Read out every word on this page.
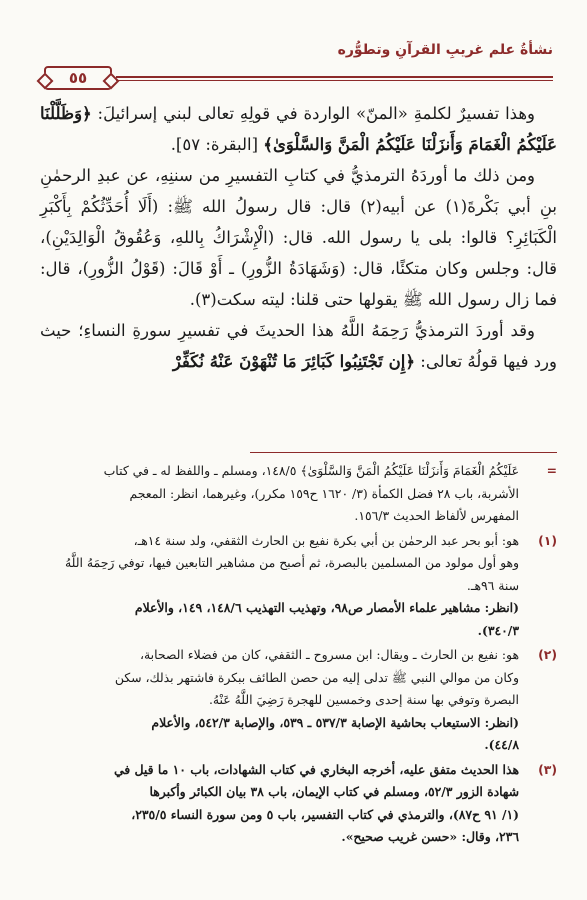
نشأةُ علم غريبِ القرآنِ وتطوُّره
٥٥

وهذا تفسيرٌ لكلمةِ «المنّ» الواردة في قولِهِ تعالى لبني إسرائيلَ: ﴿وَظَلَّلْنَا عَلَيْكُمُ الْغَمَامَ وَأَنزَلْنَا عَلَيْكُمُ الْمَنَّ وَالسَّلْوَىٰ﴾ [البقرة: ٥٧].

ومن ذلك ما أوردَهُ الترمذيُّ في كتابِ التفسيرِ من سننِهِ، عن عبدِ الرحمٰنِ بنِ أبي بَكْرةَ(١) عن أبيه(٢) قال: قال رسولُ الله ﷺ: (أَلَا أُحَدِّثُكُمْ بِأَكْبَرِ الْكَبَائِرِ؟ قالوا: بلى يا رسول الله. قال: (الْإِشْرَاكُ بِاللهِ، وَعُقُوقُ الْوَالِدَيْنِ)، قال: وجلس وكان متكئًا، قال: (وَشَهَادَةُ الزُّورِ) ـ أَوْ قَالَ: (قَوْلُ الزُّورِ)، قال: فما زال رسول الله ﷺ يقولها حتى قلنا: ليته سكت(٣).

وقد أوردَ الترمذيُّ رَحِمَهُ اللَّهُ هذا الحديثَ في تفسيرِ سورةِ النساءِ؛ حيث ورد فيها قولُهُ تعالى: ﴿إِن تَجْتَنِبُوا كَبَائِرَ مَا تُنْهَوْنَ عَنْهُ نُكَفِّرْ

=
عَلَيْكُمُ الْغَمَامَ وَأَنزَلْنَا عَلَيْكُمُ الْمَنَّ وَالسَّلْوَىٰ﴾ ١٤٨/٥، ومسلم ـ واللفظ له ـ في كتاب
الأشربة، باب ٢٨ فضل الكمأة (٣/ ١٦٢٠ ح١٥٩ مكرر)، وغيرهما، انظر: المعجم
المفهرس لألفاظ الحديث ١٥٦/٣.
(١)
هو: أبو بحر عبد الرحمٰن بن أبي بكرة نفيع بن الحارث الثقفي، ولد سنة ١٤هـ،
وهو أول مولود من المسلمين بالبصرة، ثم أصبح من مشاهير التابعين فيها، توفي رَحِمَهُ اللَّهُ
سنة ٩٦هـ.
(انظر: مشاهير علماء الأمصار ص٩٨، وتهذيب التهذيب ١٤٨/٦، ١٤٩، والأعلام
٣٤٠/٣).
(٢)
هو: نفيع بن الحارث ـ ويقال: ابن مسروح ـ الثقفي، كان من فضلاء الصحابة،
وكان من موالي النبي ﷺ تدلى إليه من حصن الطائف ببكرة فاشتهر بذلك، سكن
البصرة وتوفي بها سنة إحدى وخمسين للهجرة رَضِيَ اللَّهُ عَنْهُ.
(انظر: الاستيعاب بحاشية الإصابة ٥٣٧/٣ ـ ٥٣٩، والإصابة ٥٤٢/٣، والأعلام
٤٤/٨).
(٣)
هذا الحديث متفق عليه، أخرجه البخاري في كتاب الشهادات، باب ١٠ ما قيل في
شهادة الزور ٥٢/٣، ومسلم في كتاب الإيمان، باب ٣٨ بيان الكبائر وأكبرها
(١/ ٩١ ح٨٧)، والترمذي في كتاب التفسير، باب ٥ ومن سورة النساء ٢٣٥/٥،
٢٣٦، وقال: «حسن غريب صحيح».
